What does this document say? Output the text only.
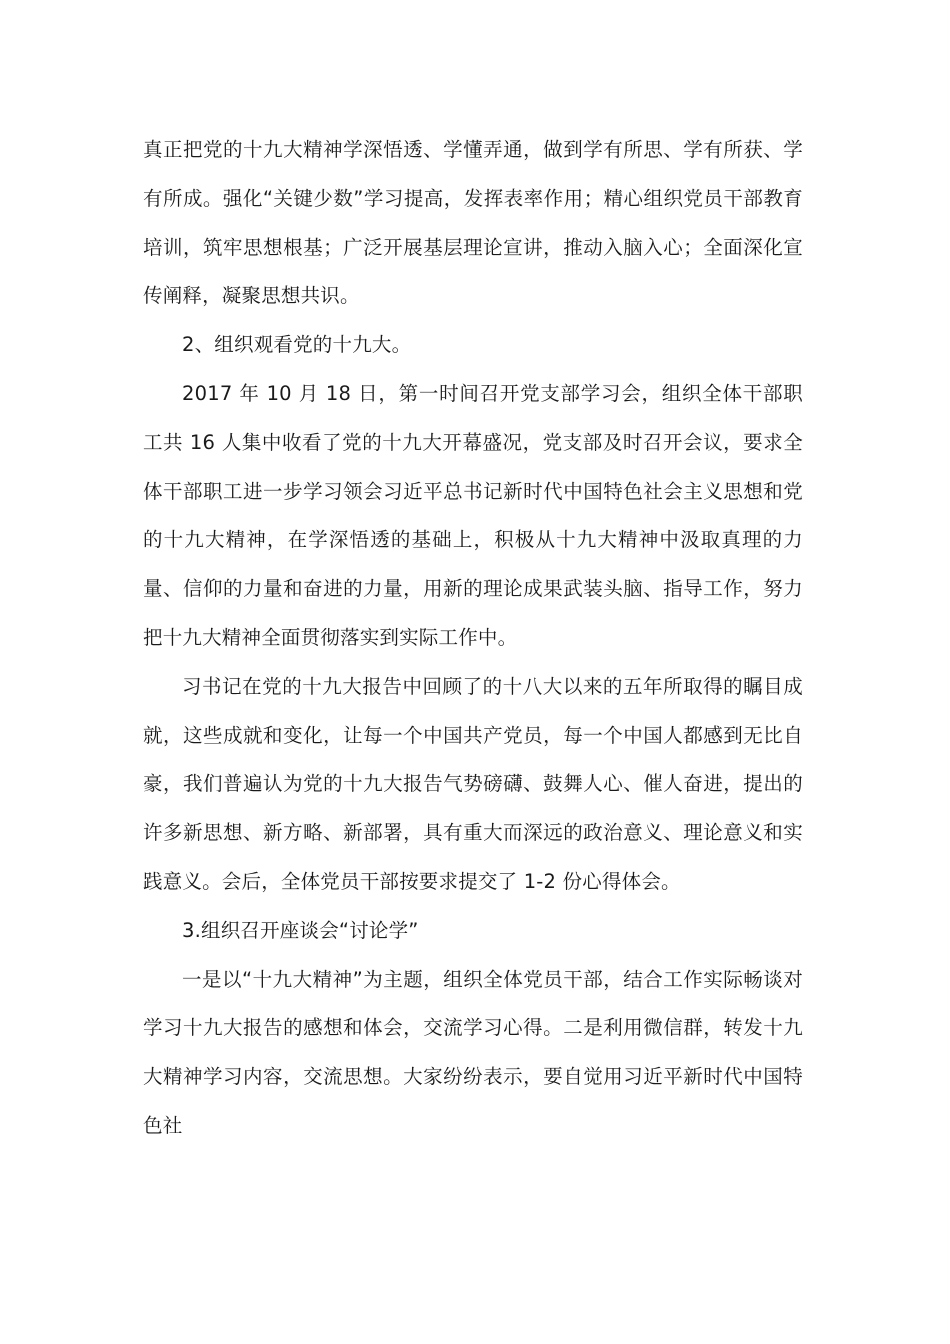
真正把党的十九大精神学深悟透、学懂弄通，做到学有所思、学有所获、学有所成。强化“关键少数”学习提高，发挥表率作用；精心组织党员干部教育培训，筑牢思想根基；广泛开展基层理论宣讲，推动入脑入心；全面深化宣传阐释，凝聚思想共识。

2、组织观看党的十九大。

2017 年 10 月 18 日，第一时间召开党支部学习会，组织全体干部职工共 16 人集中收看了党的十九大开幕盛况，党支部及时召开会议，要求全体干部职工进一步学习领会习近平总书记新时代中国特色社会主义思想和党的十九大精神，在学深悟透的基础上，积极从十九大精神中汲取真理的力量、信仰的力量和奋进的力量，用新的理论成果武装头脑、指导工作，努力把十九大精神全面贯彻落实到实际工作中。

习书记在党的十九大报告中回顾了的十八大以来的五年所取得的瞩目成就，这些成就和变化，让每一个中国共产党员，每一个中国人都感到无比自豪，我们普遍认为党的十九大报告气势磅礴、鼓舞人心、催人奋进，提出的许多新思想、新方略、新部署，具有重大而深远的政治意义、理论意义和实践意义。会后，全体党员干部按要求提交了 1-2 份心得体会。

3.组织召开座谈会“讨论学”

一是以“十九大精神”为主题，组织全体党员干部，结合工作实际畅谈对学习十九大报告的感想和体会，交流学习心得。二是利用微信群，转发十九大精神学习内容，交流思想。大家纷纷表示，要自觉用习近平新时代中国特色社
